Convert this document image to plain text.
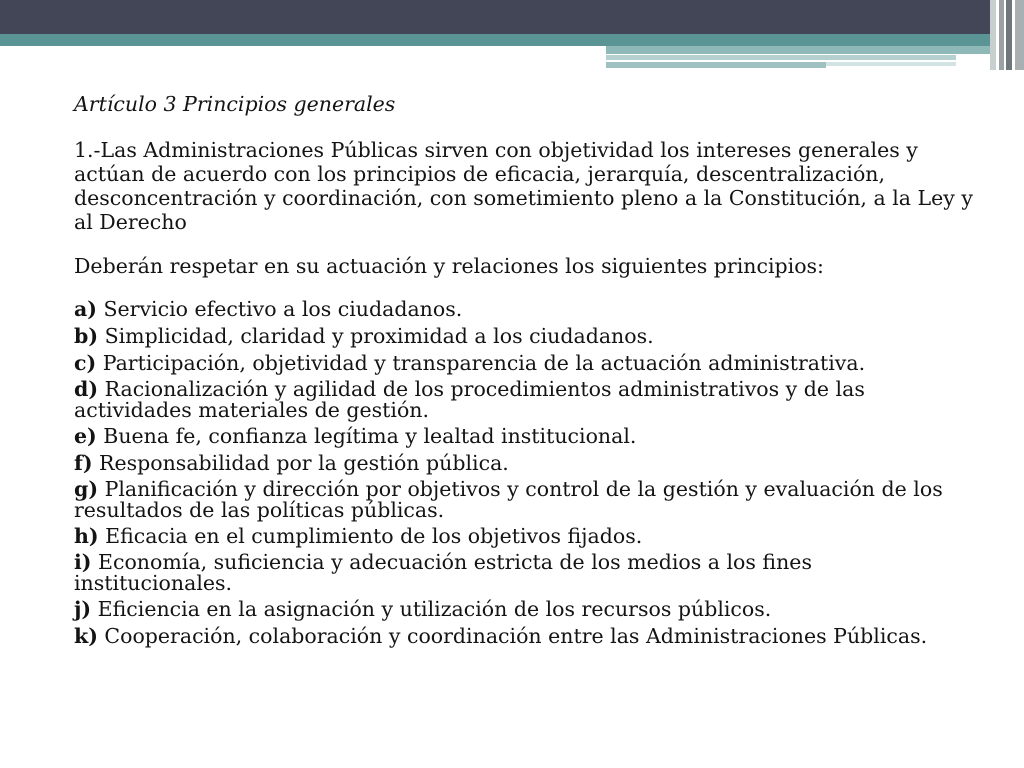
Artículo 3 Principios generales

1.-Las Administraciones Públicas sirven con objetividad los intereses generales y actúan de acuerdo con los principios de eficacia, jerarquía, descentralización, desconcentración y coordinación, con sometimiento pleno a la Constitución, a la Ley y al Derecho

Deberán respetar en su actuación y relaciones los siguientes principios:

a) Servicio efectivo a los ciudadanos.
b) Simplicidad, claridad y proximidad a los ciudadanos.
c) Participación, objetividad y transparencia de la actuación administrativa.
d) Racionalización y agilidad de los procedimientos administrativos y de las actividades materiales de gestión.
e) Buena fe, confianza legítima y lealtad institucional.
f) Responsabilidad por la gestión pública.
g) Planificación y dirección por objetivos y control de la gestión y evaluación de los resultados de las políticas públicas.
h) Eficacia en el cumplimiento de los objetivos fijados.
i) Economía, suficiencia y adecuación estricta de los medios a los fines institucionales.
j) Eficiencia en la asignación y utilización de los recursos públicos.
k) Cooperación, colaboración y coordinación entre las Administraciones Públicas.
